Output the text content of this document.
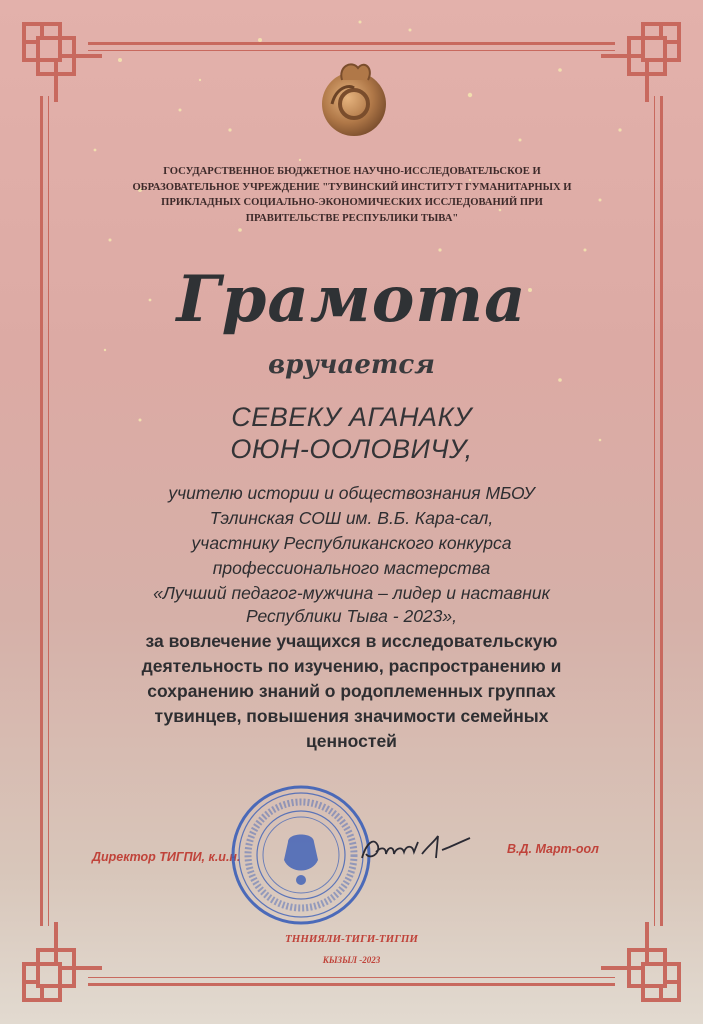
ГОСУДАРСТВЕННОЕ БЮДЖЕТНОЕ НАУЧНО-ИССЛЕДОВАТЕЛЬСКОЕ И
ОБРАЗОВАТЕЛЬНОЕ УЧРЕЖДЕНИЕ "ТУВИНСКИЙ ИНСТИТУТ ГУМАНИТАРНЫХ И
ПРИКЛАДНЫХ СОЦИАЛЬНО-ЭКОНОМИЧЕСКИХ ИССЛЕДОВАНИЙ ПРИ
ПРАВИТЕЛЬСТВЕ РЕСПУБЛИКИ ТЫВА"
Грамота
вручается
СЕВЕКУ АГАНАКУ
ОЮН-ООЛОВИЧУ,
учителю истории и обществознания МБОУ
Тэлинская СОШ им. В.Б. Кара-сал,
участнику Республиканского конкурса
профессионального мастерства
«Лучший педагог-мужчина – лидер и наставник
Республики Тыва - 2023»,
за вовлечение учащихся в исследовательскую
деятельность по изучению, распространению и
сохранению знаний о родоплеменных группах
тувинцев, повышения значимости семейных
ценностей
Директор ТИГПИ, к.и.н.
В.Д. Март-оол
ТННИЯЛИ-ТИГИ-ТИГПИ
КЫЗЫЛ -2023
